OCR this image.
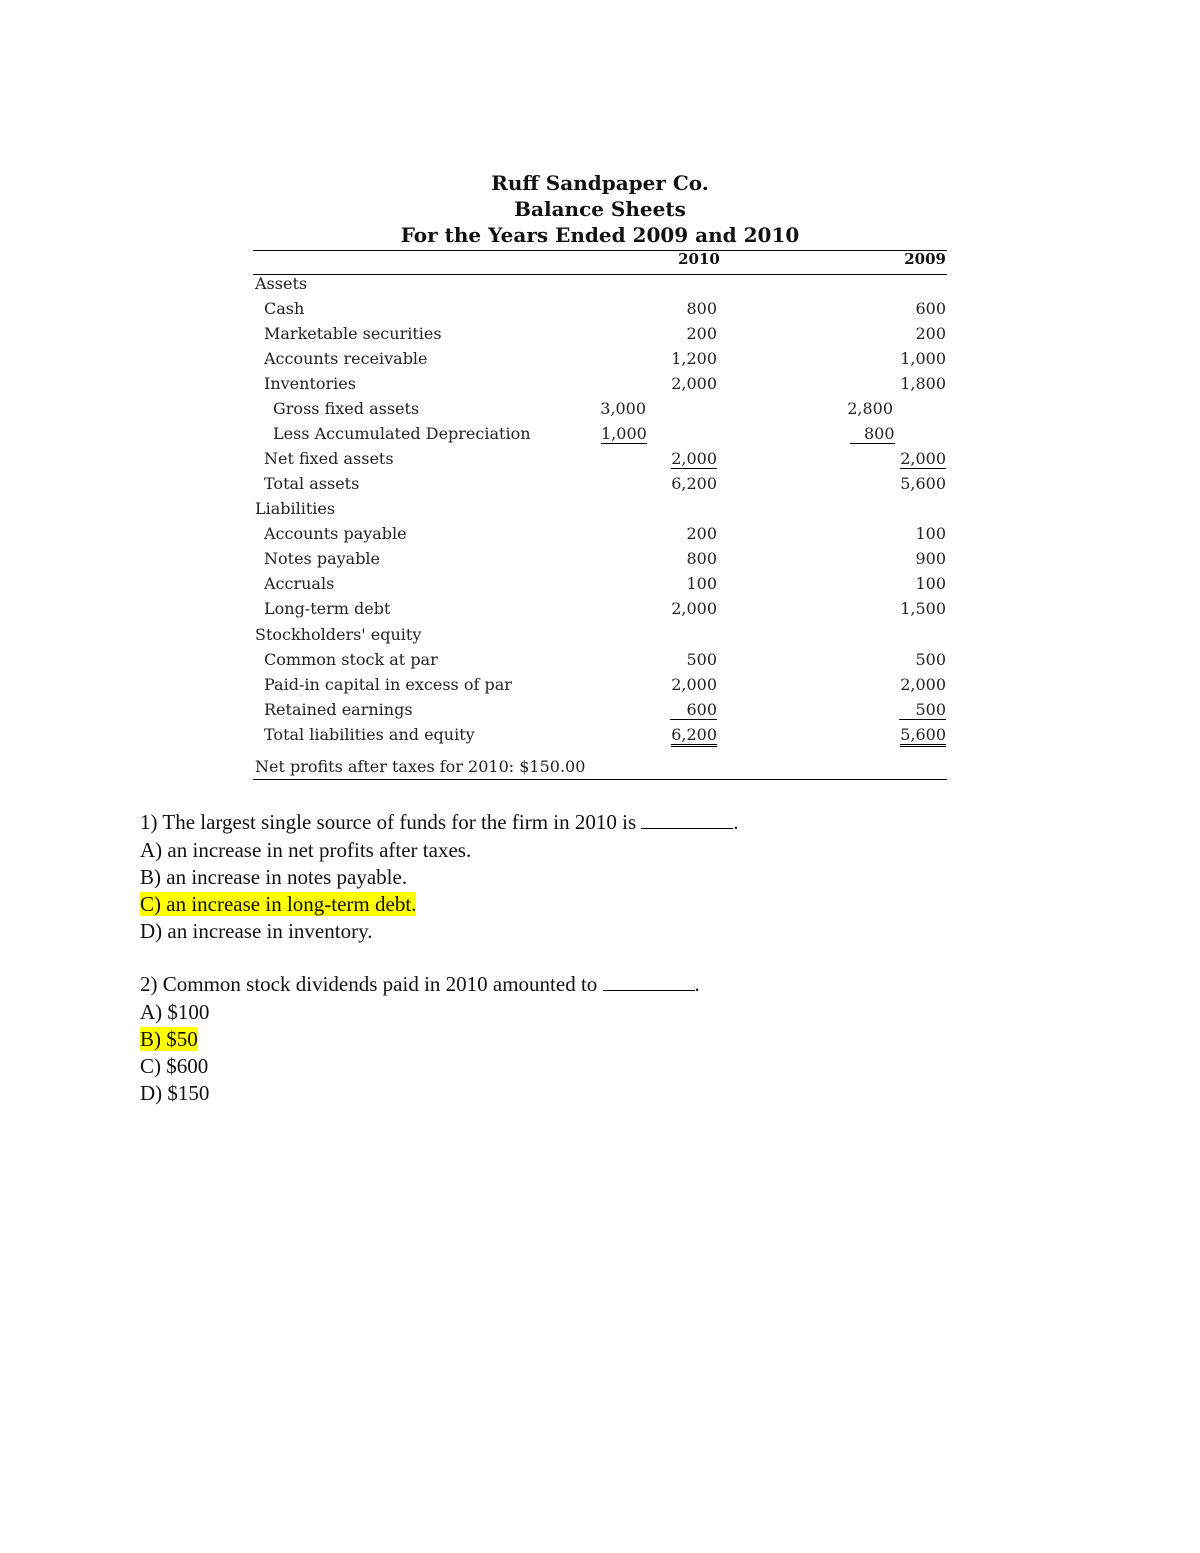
Ruff Sandpaper Co.
Balance Sheets
For the Years Ended 2009 and 2010
2010	2009
Assets
Cash	800	600
Marketable securities	200	200
Accounts receivable	1,200	1,000
Inventories	2,000	1,800
Gross fixed assets	3,000	2,800
Less Accumulated Depreciation	1,000	800
Net fixed assets	2,000	2,000
Total assets	6,200	5,600
Liabilities
Accounts payable	200	100
Notes payable	800	900
Accruals	100	100
Long-term debt	2,000	1,500
Stockholders' equity
Common stock at par	500	500
Paid-in capital in excess of par	2,000	2,000
Retained earnings	600	500
Total liabilities and equity	6,200	5,600
Net profits after taxes for 2010: $150.00
1) The largest single source of funds for the firm in 2010 is	.
A) an increase in net profits after taxes.
B) an increase in notes payable.
C) an increase in long-term debt.
D) an increase in inventory.
2) Common stock dividends paid in 2010 amounted to	.
A) $100
B) $50
C) $600
D) $150
